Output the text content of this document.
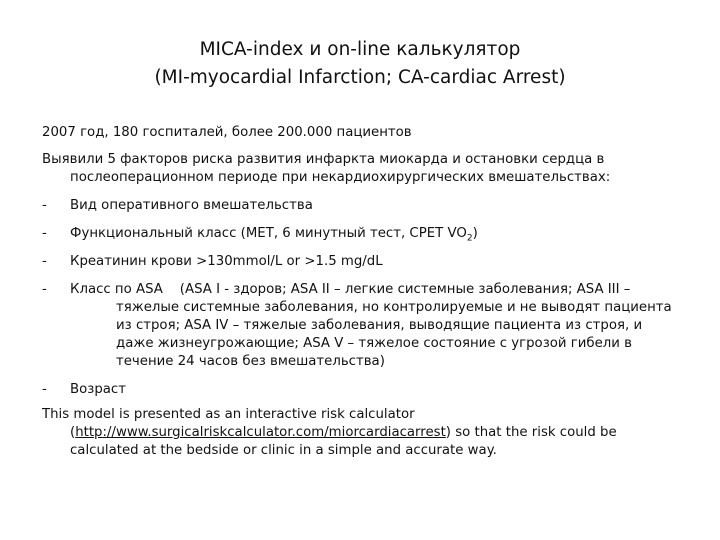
MICA-index и on-line калькулятор
(MI-myocardial Infarction; CA-cardiac Arrest)

2007 год, 180 госпиталей, более 200.000 пациентов

Выявили 5 факторов риска развития инфаркта миокарда и остановки сердца в послеоперационном периоде при некардиохирургических вмешательствах:

-	Вид оперативного вмешательства
-	Функциональный класс (МЕТ, 6 минутный тест, CPET $VO_2$)
-	Креатинин крови >130mmol/L or >1.5 mg/dL
-	Класс по ASA (ASA I - здоров; ASA II – легкие системные заболевания; ASA III – тяжелые системные заболевания, но контролируемые и не выводят пациента из строя; ASA IV – тяжелые заболевания, выводящие пациента из строя, и даже жизнеугрожающие; ASA V – тяжелое состояние с угрозой гибели в течение 24 часов без вмешательства)
-	Возраст

This model is presented as an interactive risk calculator (http://www.surgicalriskcalculator.com/miorcardiacarrest) so that the risk could be calculated at the bedside or clinic in a simple and accurate way.
